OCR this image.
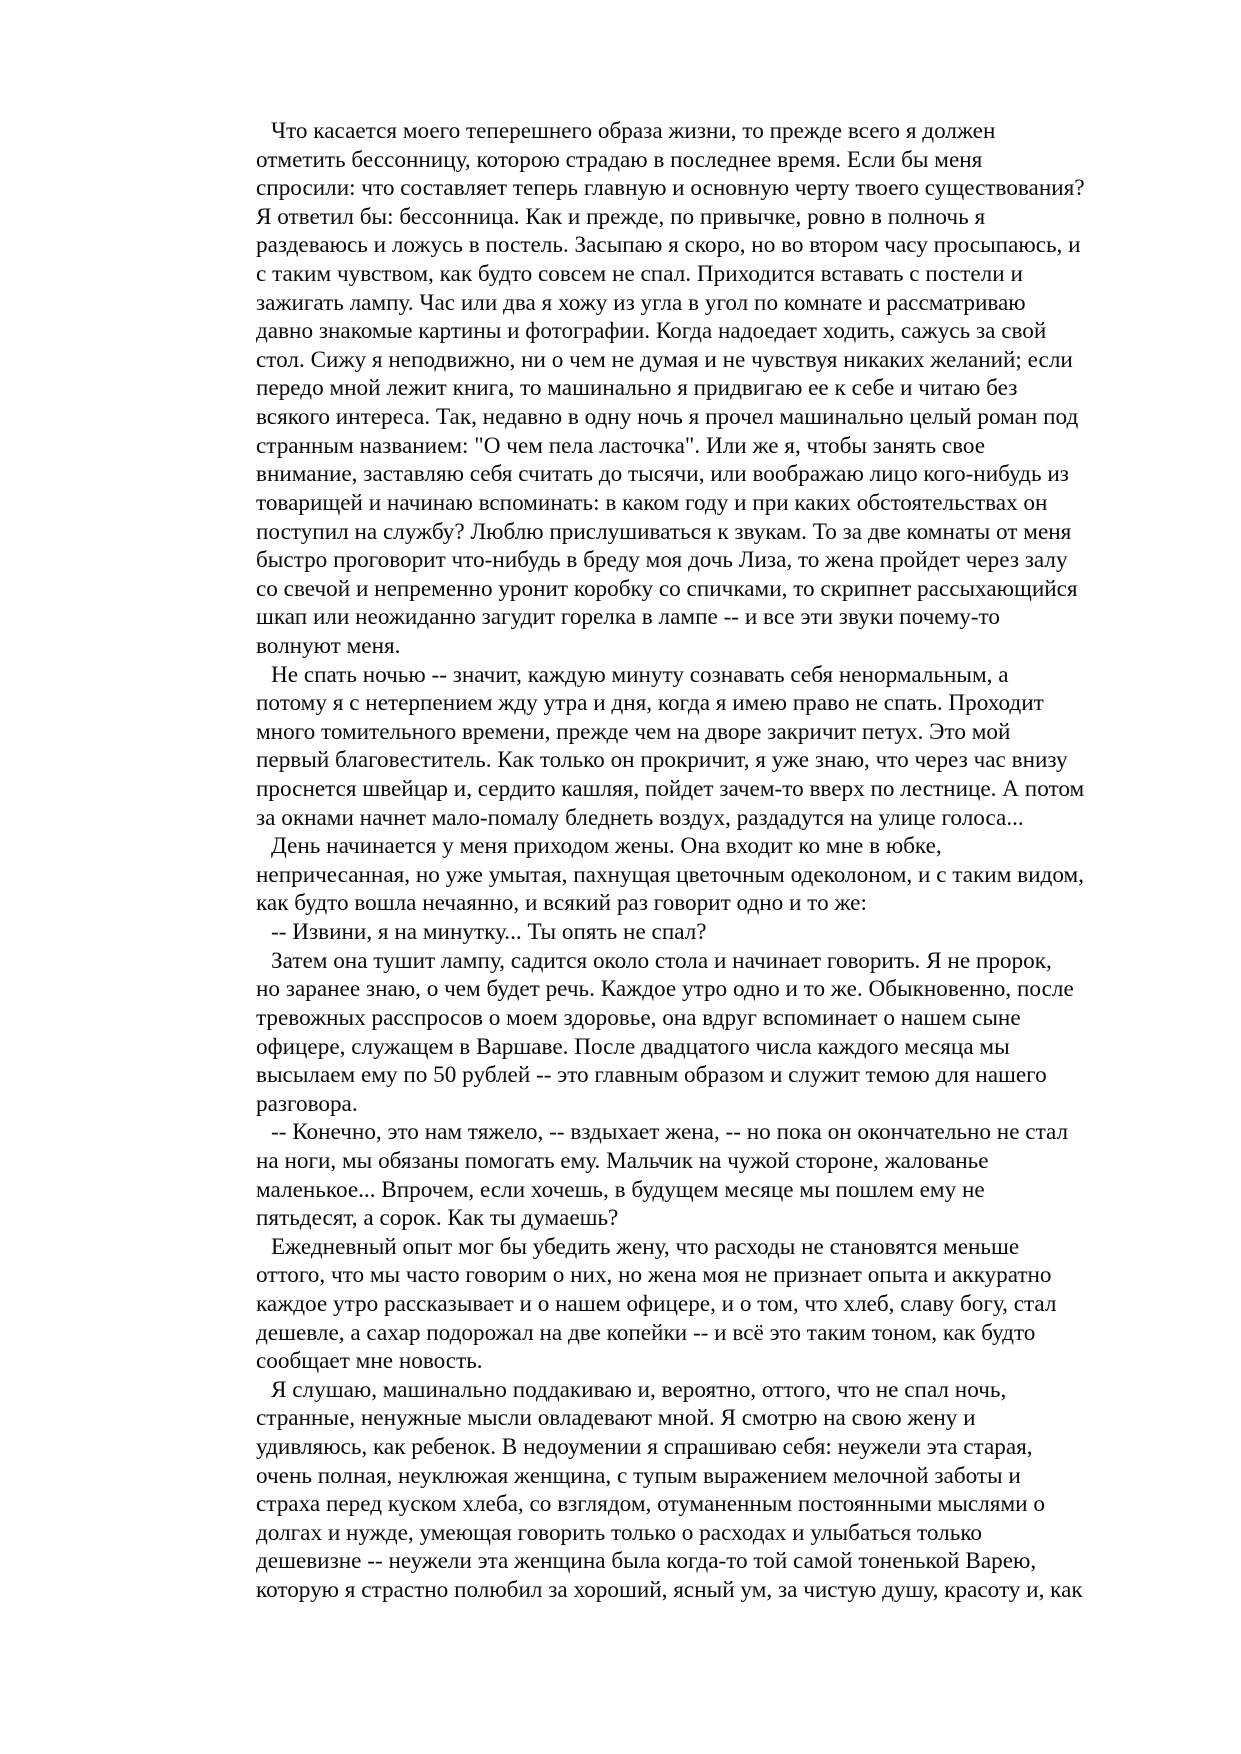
Что касается моего теперешнего образа жизни, то прежде всего я должен
отметить бессонницу, которою страдаю в последнее время. Если бы меня
спросили: что составляет теперь главную и основную черту твоего существования?
Я ответил бы: бессонница. Как и прежде, по привычке, ровно в полночь я
раздеваюсь и ложусь в постель. Засыпаю я скоро, но во втором часу просыпаюсь, и
с таким чувством, как будто совсем не спал. Приходится вставать с постели и
зажигать лампу. Час или два я хожу из угла в угол по комнате и рассматриваю
давно знакомые картины и фотографии. Когда надоедает ходить, сажусь за свой
стол. Сижу я неподвижно, ни о чем не думая и не чувствуя никаких желаний; если
передо мной лежит книга, то машинально я придвигаю ее к себе и читаю без
всякого интереса. Так, недавно в одну ночь я прочел машинально целый роман под
странным названием: "О чем пела ласточка". Или же я, чтобы занять свое
внимание, заставляю себя считать до тысячи, или воображаю лицо кого-нибудь из
товарищей и начинаю вспоминать: в каком году и при каких обстоятельствах он
поступил на службу? Люблю прислушиваться к звукам. То за две комнаты от меня
быстро проговорит что-нибудь в бреду моя дочь Лиза, то жена пройдет через залу
со свечой и непременно уронит коробку со спичками, то скрипнет рассыхающийся
шкап или неожиданно загудит горелка в лампе -- и все эти звуки почему-то
волнуют меня.
Не спать ночью -- значит, каждую минуту сознавать себя ненормальным, а
потому я с нетерпением жду утра и дня, когда я имею право не спать. Проходит
много томительного времени, прежде чем на дворе закричит петух. Это мой
первый благовеститель. Как только он прокричит, я уже знаю, что через час внизу
проснется швейцар и, сердито кашляя, пойдет зачем-то вверх по лестнице. А потом
за окнами начнет мало-помалу бледнеть воздух, раздадутся на улице голоса...
День начинается у меня приходом жены. Она входит ко мне в юбке,
непричесанная, но уже умытая, пахнущая цветочным одеколоном, и с таким видом,
как будто вошла нечаянно, и всякий раз говорит одно и то же:
-- Извини, я на минутку... Ты опять не спал?
Затем она тушит лампу, садится около стола и начинает говорить. Я не пророк,
но заранее знаю, о чем будет речь. Каждое утро одно и то же. Обыкновенно, после
тревожных расспросов о моем здоровье, она вдруг вспоминает о нашем сыне
офицере, служащем в Варшаве. После двадцатого числа каждого месяца мы
высылаем ему по 50 рублей -- это главным образом и служит темою для нашего
разговора.
-- Конечно, это нам тяжело, -- вздыхает жена, -- но пока он окончательно не стал
на ноги, мы обязаны помогать ему. Мальчик на чужой стороне, жалованье
маленькое... Впрочем, если хочешь, в будущем месяце мы пошлем ему не
пятьдесят, а сорок. Как ты думаешь?
Ежедневный опыт мог бы убедить жену, что расходы не становятся меньше
оттого, что мы часто говорим о них, но жена моя не признает опыта и аккуратно
каждое утро рассказывает и о нашем офицере, и о том, что хлеб, славу богу, стал
дешевле, а сахар подорожал на две копейки -- и всё это таким тоном, как будто
сообщает мне новость.
Я слушаю, машинально поддакиваю и, вероятно, оттого, что не спал ночь,
странные, ненужные мысли овладевают мной. Я смотрю на свою жену и
удивляюсь, как ребенок. В недоумении я спрашиваю себя: неужели эта старая,
очень полная, неуклюжая женщина, с тупым выражением мелочной заботы и
страха перед куском хлеба, со взглядом, отуманенным постоянными мыслями о
долгах и нужде, умеющая говорить только о расходах и улыбаться только
дешевизне -- неужели эта женщина была когда-то той самой тоненькой Варею,
которую я страстно полюбил за хороший, ясный ум, за чистую душу, красоту и, как
